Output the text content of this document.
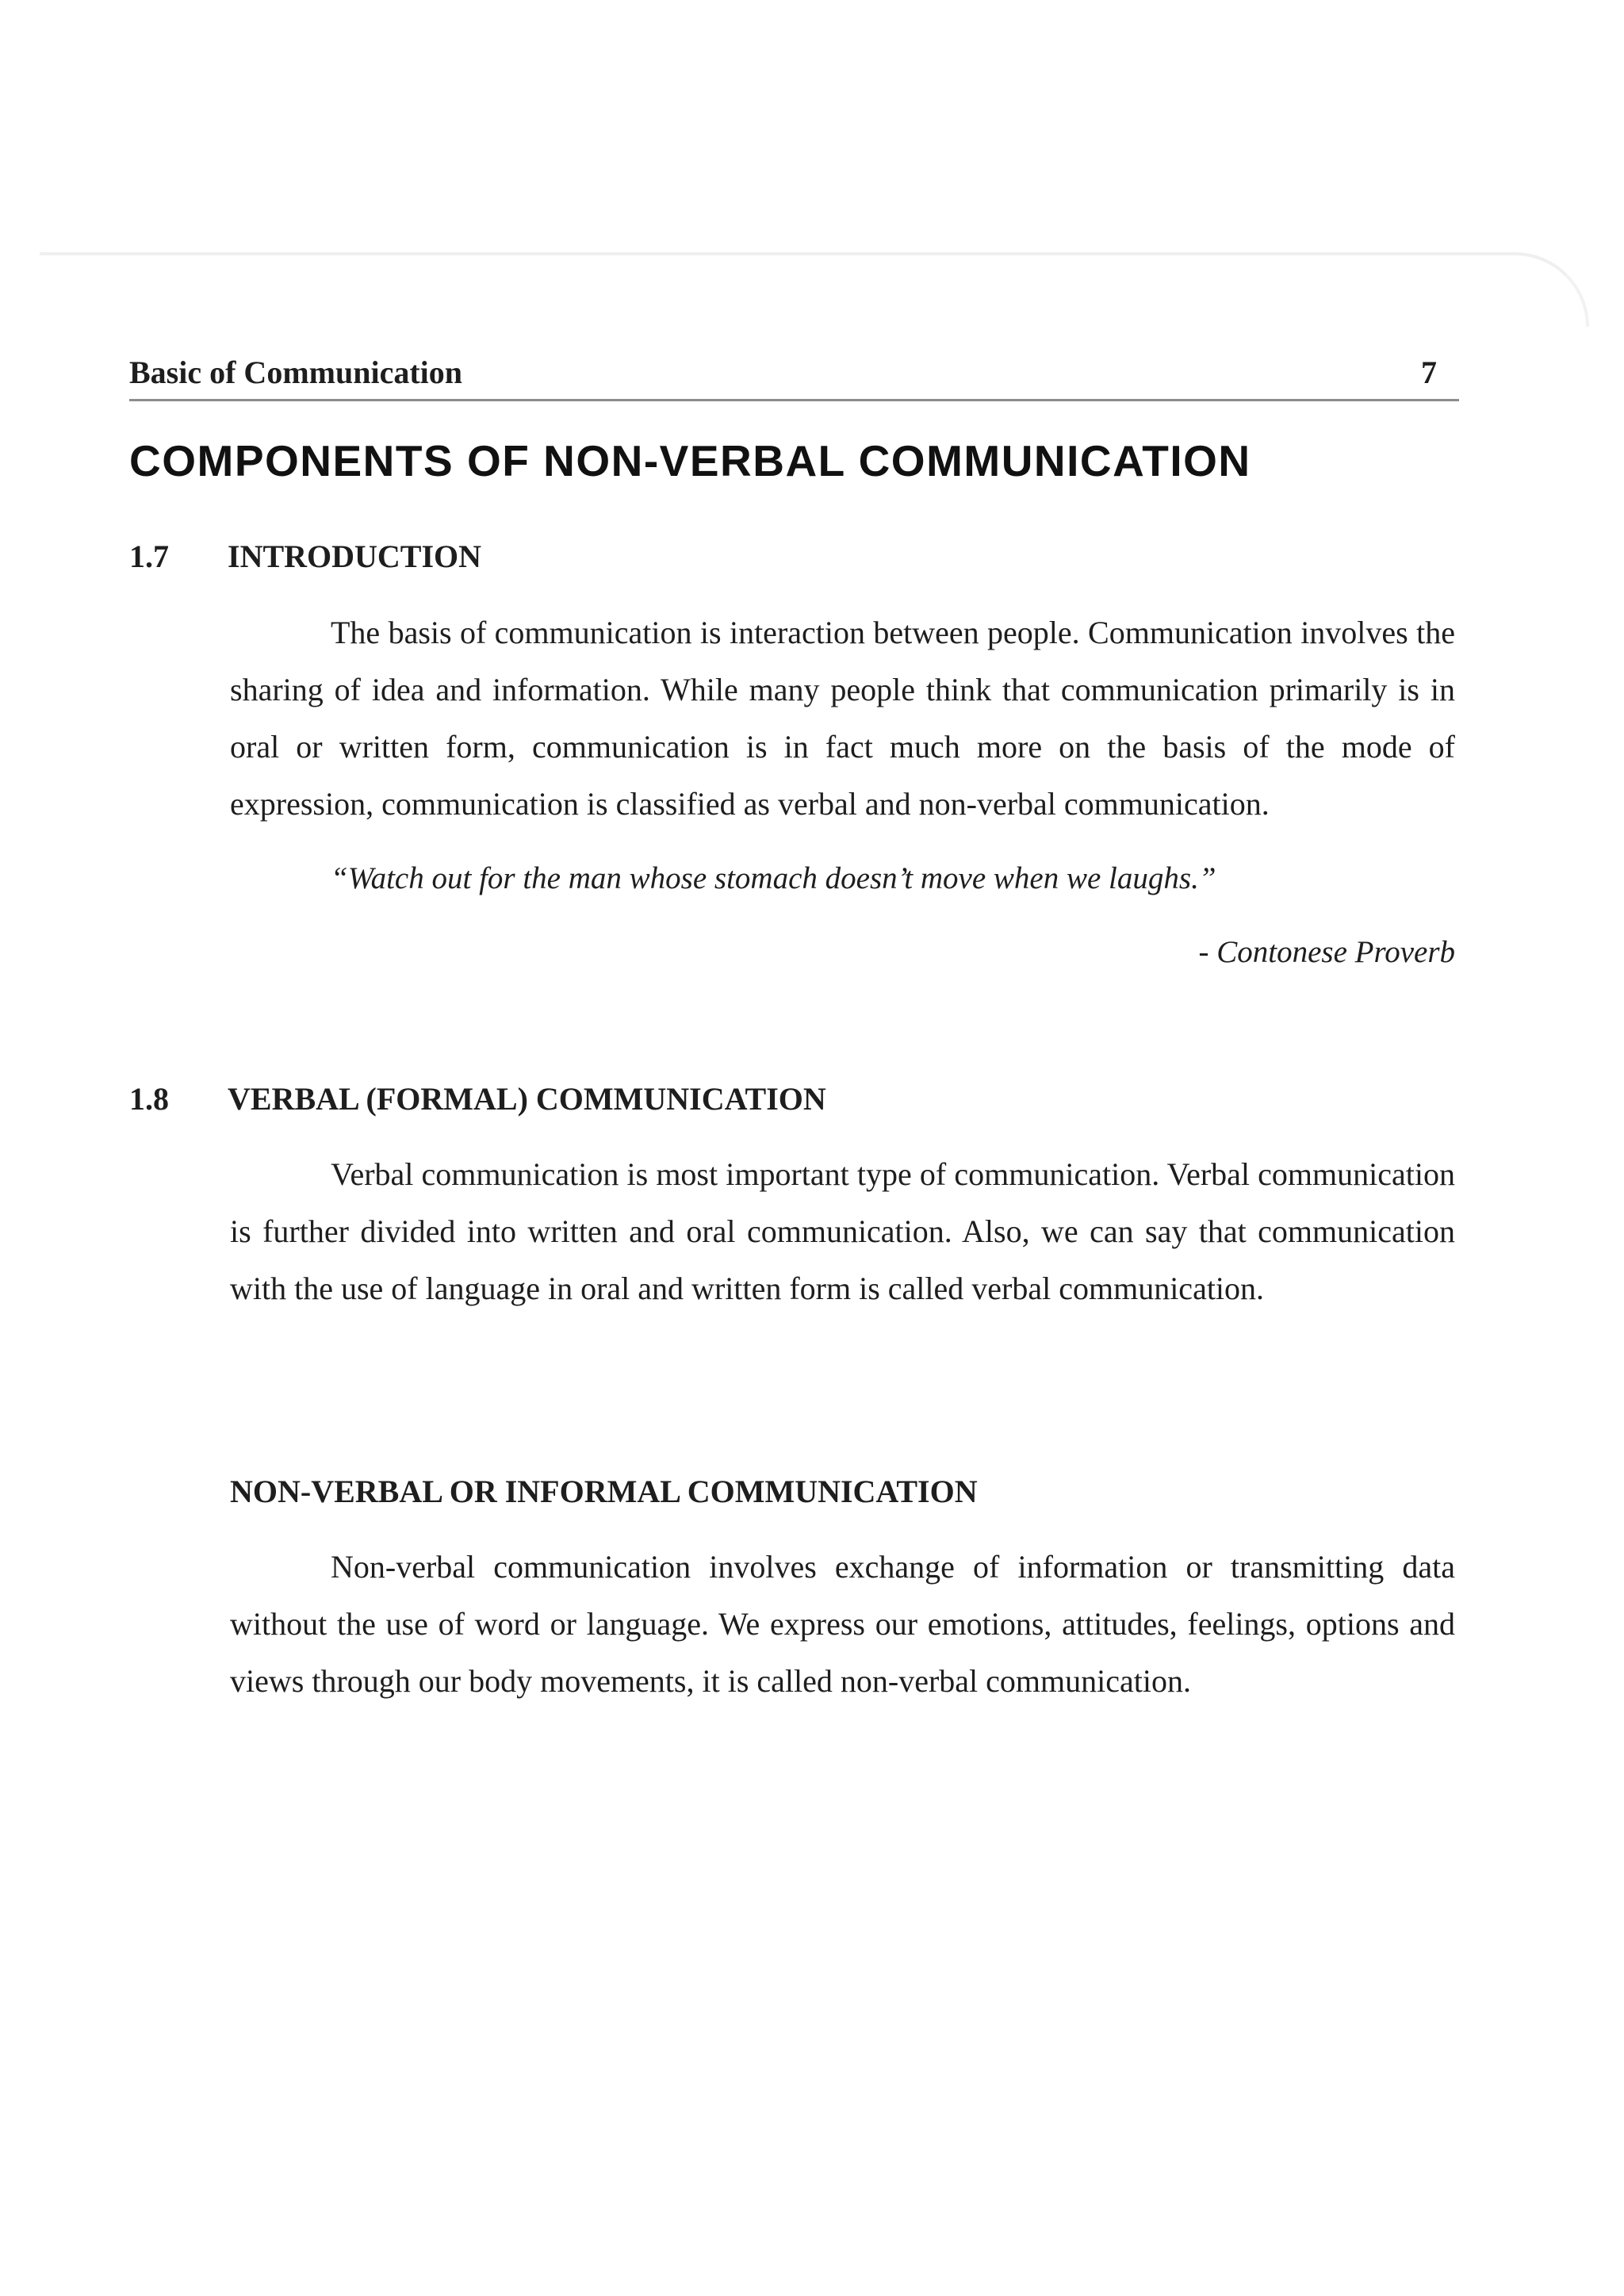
Basic of Communication	7
COMPONENTS OF NON-VERBAL COMMUNICATION
1.7 INTRODUCTION

The basis of communication is interaction between people. Communication involves the sharing of idea and information. While many people think that communication primarily is in oral or written form, communication is in fact much more on the basis of the mode of expression, communication is classified as verbal and non-verbal communication.

“Watch out for the man whose stomach doesn’t move when we laughs.”

- Contonese Proverb

1.8 VERBAL (FORMAL) COMMUNICATION

Verbal communication is most important type of communication. Verbal communication is further divided into written and oral communication. Also, we can say that communication with the use of language in oral and written form is called verbal communication.

NON-VERBAL OR INFORMAL COMMUNICATION

Non-verbal communication involves exchange of information or transmitting data without the use of word or language. We express our emotions, attitudes, feelings, options and views through our body movements, it is called non-verbal communication.
